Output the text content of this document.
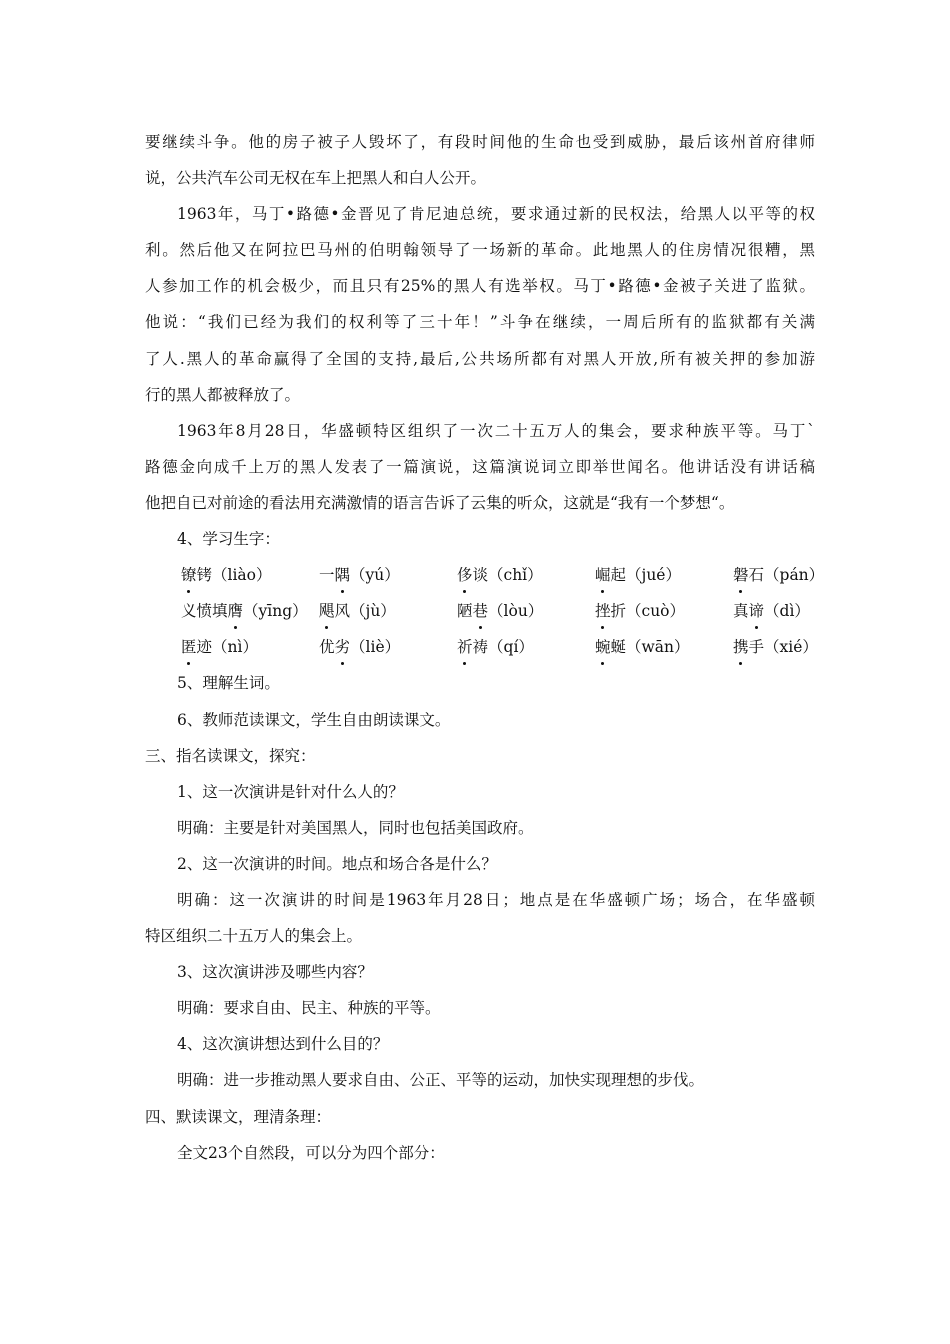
要继续斗争。他的房子被子人毁坏了，有段时间他的生命也受到威胁，最后该州首府律师
说，公共汽车公司无权在车上把黑人和白人公开。
1963年，马丁•路德•金晋见了肯尼迪总统，要求通过新的民权法，给黑人以平等的权
利。然后他又在阿拉巴马州的伯明翰领导了一场新的革命。此地黑人的住房情况很糟，黑
人参加工作的机会极少，而且只有25%的黑人有选举权。马丁•路德•金被子关进了监狱。
他说：“我们已经为我们的权利等了三十年！”斗争在继续，一周后所有的监狱都有关满
了人.黑人的革命赢得了全国的支持,最后,公共场所都有对黑人开放,所有被关押的参加游
行的黑人都被释放了。
1963年8月28日，华盛顿特区组织了一次二十五万人的集会，要求种族平等。马丁`
路德金向成千上万的黑人发表了一篇演说，这篇演说词立即举世闻名。他讲话没有讲话稿
他把自已对前途的看法用充满激情的语言告诉了云集的听众，这就是“我有一个梦想“。
4、学习生字：
镣铐（liào）	一隅（yú）	侈谈（chǐ）	崛起（jué）	磐石（pán）
义愤填膺（yīng） 飓风（jù）	陋巷（lòu）	挫折（cuò）	真谛（dì）
匿迹（nì）	优劣（liè）	祈祷（qí）	蜿蜒（wān）	携手（xié）
5、理解生词。
6、教师范读课文，学生自由朗读课文。
三、指名读课文，探究：
1、这一次演讲是针对什么人的？
明确：主要是针对美国黑人，同时也包括美国政府。
2、这一次演讲的时间。地点和场合各是什么？
明确：这一次演讲的时间是1963年月28日；地点是在华盛顿广场；场合，在华盛顿
特区组织二十五万人的集会上。
3、这次演讲涉及哪些内容？
明确：要求自由、民主、种族的平等。
4、这次演讲想达到什么目的？
明确：进一步推动黑人要求自由、公正、平等的运动，加快实现理想的步伐。
四、默读课文，理清条理：
全文23个自然段，可以分为四个部分：
